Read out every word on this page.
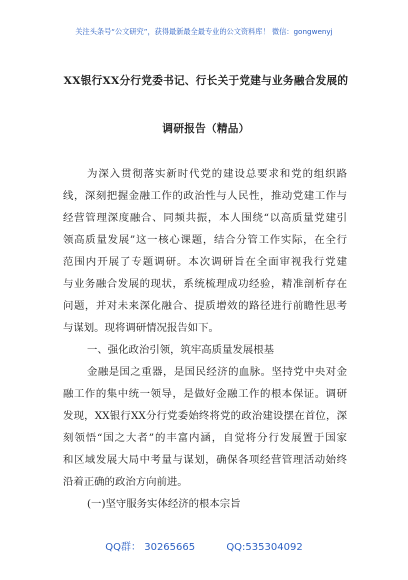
关注头条号“公文研究”，获得最新最全最专业的公文资料库！ 微信：gongwenyj
XX银行XX分行党委书记、行长关于党建与业务融合发展的
调研报告（精品）
为深入贯彻落实新时代党的建设总要求和党的组织路
线，深刻把握金融工作的政治性与人民性，推动党建工作与
经营管理深度融合、同频共振，本人围绕“以高质量党建引
领高质量发展”这一核心课题，结合分管工作实际，在全行
范围内开展了专题调研。本次调研旨在全面审视我行党建
与业务融合发展的现状，系统梳理成功经验，精准剖析存在
问题，并对未来深化融合、提质增效的路径进行前瞻性思考
与谋划。现将调研情况报告如下。
一、强化政治引领，筑牢高质量发展根基
金融是国之重器，是国民经济的血脉。坚持党中央对金
融工作的集中统一领导，是做好金融工作的根本保证。调研
发现，XX银行XX分行党委始终将党的政治建设摆在首位，深
刻领悟“国之大者”的丰富内涵，自觉将分行发展置于国家
和区域发展大局中考量与谋划，确保各项经营管理活动始终
沿着正确的政治方向前进。
(一)坚守服务实体经济的根本宗旨
QQ群： 30265665	QQ:535304092
